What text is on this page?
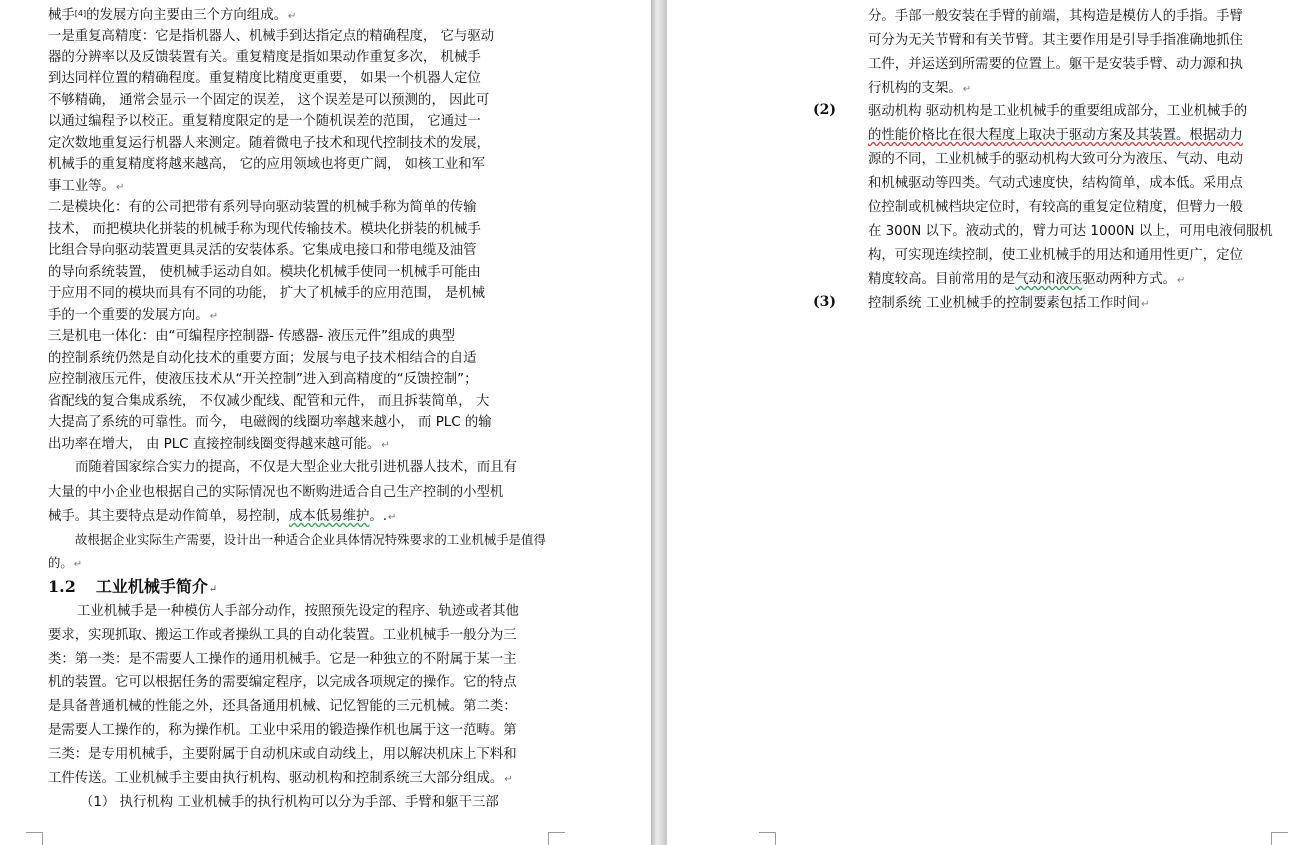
械手[4]的发展方向主要由三个方向组成。↵
一是重复高精度：它是指机器人、机械手到达指定点的精确程度， 它与驱动
器的分辨率以及反馈装置有关。重复精度是指如果动作重复多次， 机械手
到达同样位置的精确程度。重复精度比精度更重要， 如果一个机器人定位
不够精确， 通常会显示一个固定的误差， 这个误差是可以预测的， 因此可
以通过编程予以校正。重复精度限定的是一个随机误差的范围， 它通过一
定次数地重复运行机器人来测定。随着微电子技术和现代控制技术的发展，
机械手的重复精度将越来越高， 它的应用领域也将更广阔， 如核工业和军
事工业等。↵
二是模块化：有的公司把带有系列导向驱动装置的机械手称为简单的传输
技术， 而把模块化拼装的机械手称为现代传输技术。模块化拼装的机械手
比组合导向驱动装置更具灵活的安装体系。它集成电接口和带电缆及油管
的导向系统装置， 使机械手运动自如。模块化机械手使同一机械手可能由
于应用不同的模块而具有不同的功能， 扩大了机械手的应用范围， 是机械
手的一个重要的发展方向。↵
三是机电一体化：由“可编程序控制器- 传感器- 液压元件”组成的典型
的控制系统仍然是自动化技术的重要方面；发展与电子技术相结合的自适
应控制液压元件，使液压技术从“开关控制”进入到高精度的“反馈控制”；
省配线的复合集成系统， 不仅减少配线、配管和元件， 而且拆装简单， 大
大提高了系统的可靠性。而今， 电磁阀的线圈功率越来越小， 而 PLC 的输
出功率在增大， 由 PLC 直接控制线圈变得越来越可能。↵
而随着国家综合实力的提高，不仅是大型企业大批引进机器人技术，而且有
大量的中小企业也根据自己的实际情况也不断购进适合自己生产控制的小型机
械手。其主要特点是动作简单，易控制，成本低易维护。.↵
故根据企业实际生产需要，设计出一种适合企业具体情况特殊要求的工业机械手是值得
的。↵
1.2 工业机械手简介↵
工业机械手是一种模仿人手部分动作，按照预先设定的程序、轨迹或者其他
要求，实现抓取、搬运工作或者操纵工具的自动化装置。工业机械手一般分为三
类：第一类：是不需要人工操作的通用机械手。它是一种独立的不附属于某一主
机的装置。它可以根据任务的需要编定程序，以完成各项规定的操作。它的特点
是具备普通机械的性能之外，还具备通用机械、记忆智能的三元机械。第二类：
是需要人工操作的，称为操作机。工业中采用的锻造操作机也属于这一范畴。第
三类：是专用机械手，主要附属于自动机床或自动线上，用以解决机床上下料和
工件传送。工业机械手主要由执行机构、驱动机构和控制系统三大部分组成。↵
（1） 执行机构 工业机械手的执行机构可以分为手部、手臂和躯干三部
分。手部一般安装在手臂的前端，其构造是模仿人的手指。手臂
可分为无关节臂和有关节臂。其主要作用是引导手指准确地抓住
工件，并运送到所需要的位置上。躯干是安装手臂、动力源和执
行机构的支架。↵
(2) 驱动机构 驱动机构是工业机械手的重要组成部分，工业机械手的
的性能价格比在很大程度上取决于驱动方案及其装置。根据动力
源的不同，工业机械手的驱动机构大致可分为液压、气动、电动
和机械驱动等四类。气动式速度快，结构简单，成本低。采用点
位控制或机械档块定位时，有较高的重复定位精度，但臂力一般
在 300N 以下。液动式的，臂力可达 1000N 以上，可用电液伺服机
构，可实现连续控制，使工业机械手的用达和通用性更广，定位
精度较高。目前常用的是气动和液压驱动两种方式。↵
(3) 控制系统 工业机械手的控制要素包括工作时间↵
